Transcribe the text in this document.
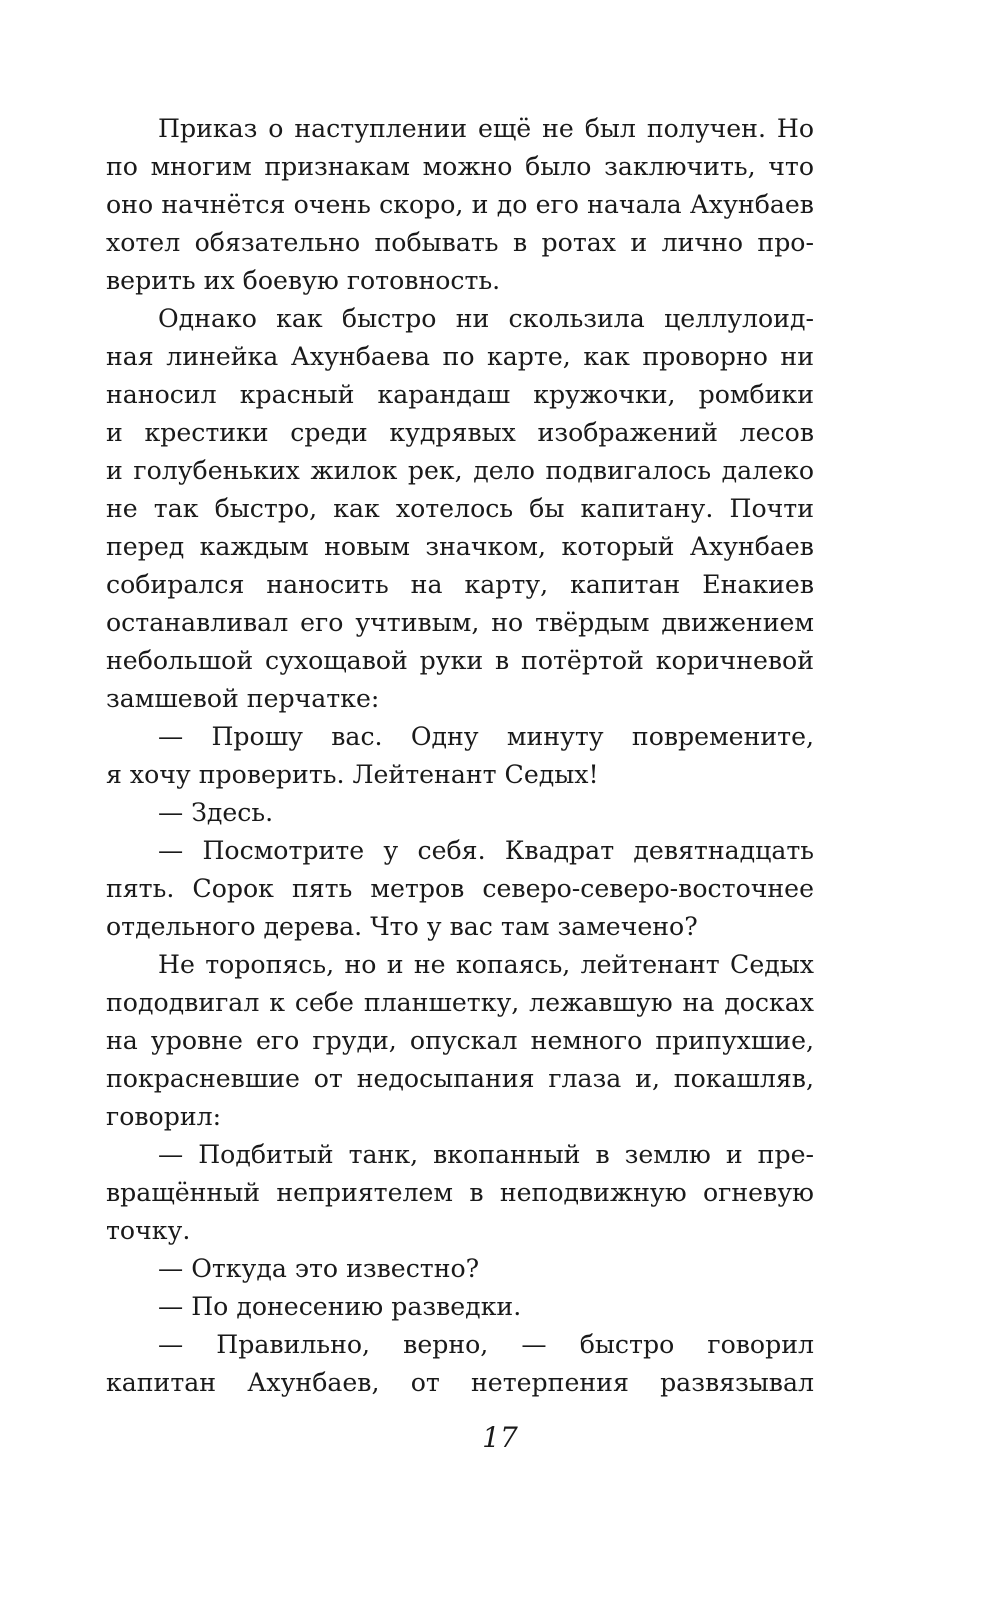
Приказ о наступлении ещё не был получен. Но
по многим признакам можно было заключить, что
оно начнётся очень скоро, и до его начала Ахунбаев
хотел обязательно побывать в ротах и лично про-
верить их боевую готовность.
Однако как быстро ни скользила целлулоид-
ная линейка Ахунбаева по карте, как проворно ни
наносил красный карандаш кружочки, ромбики
и крестики среди кудрявых изображений лесов
и голубеньких жилок рек, дело подвигалось далеко
не так быстро, как хотелось бы капитану. Почти
перед каждым новым значком, который Ахунбаев
собирался наносить на карту, капитан Енакиев
останавливал его учтивым, но твёрдым движением
небольшой сухощавой руки в потёртой коричневой
замшевой перчатке:
— Прошу вас. Одну минуту повремените,
я хочу проверить. Лейтенант Седых!
— Здесь.
— Посмотрите у себя. Квадрат девятнадцать
пять. Сорок пять метров северо-северо-восточнее
отдельного дерева. Что у вас там замечено?
Не торопясь, но и не копаясь, лейтенант Седых
пододвигал к себе планшетку, лежавшую на досках
на уровне его груди, опускал немного припухшие,
покрасневшие от недосыпания глаза и, покашляв,
говорил:
— Подбитый танк, вкопанный в землю и пре-
вращённый неприятелем в неподвижную огневую
точку.
— Откуда это известно?
— По донесению разведки.
— Правильно, верно, — быстро говорил
капитан Ахунбаев, от нетерпения развязывал
17
